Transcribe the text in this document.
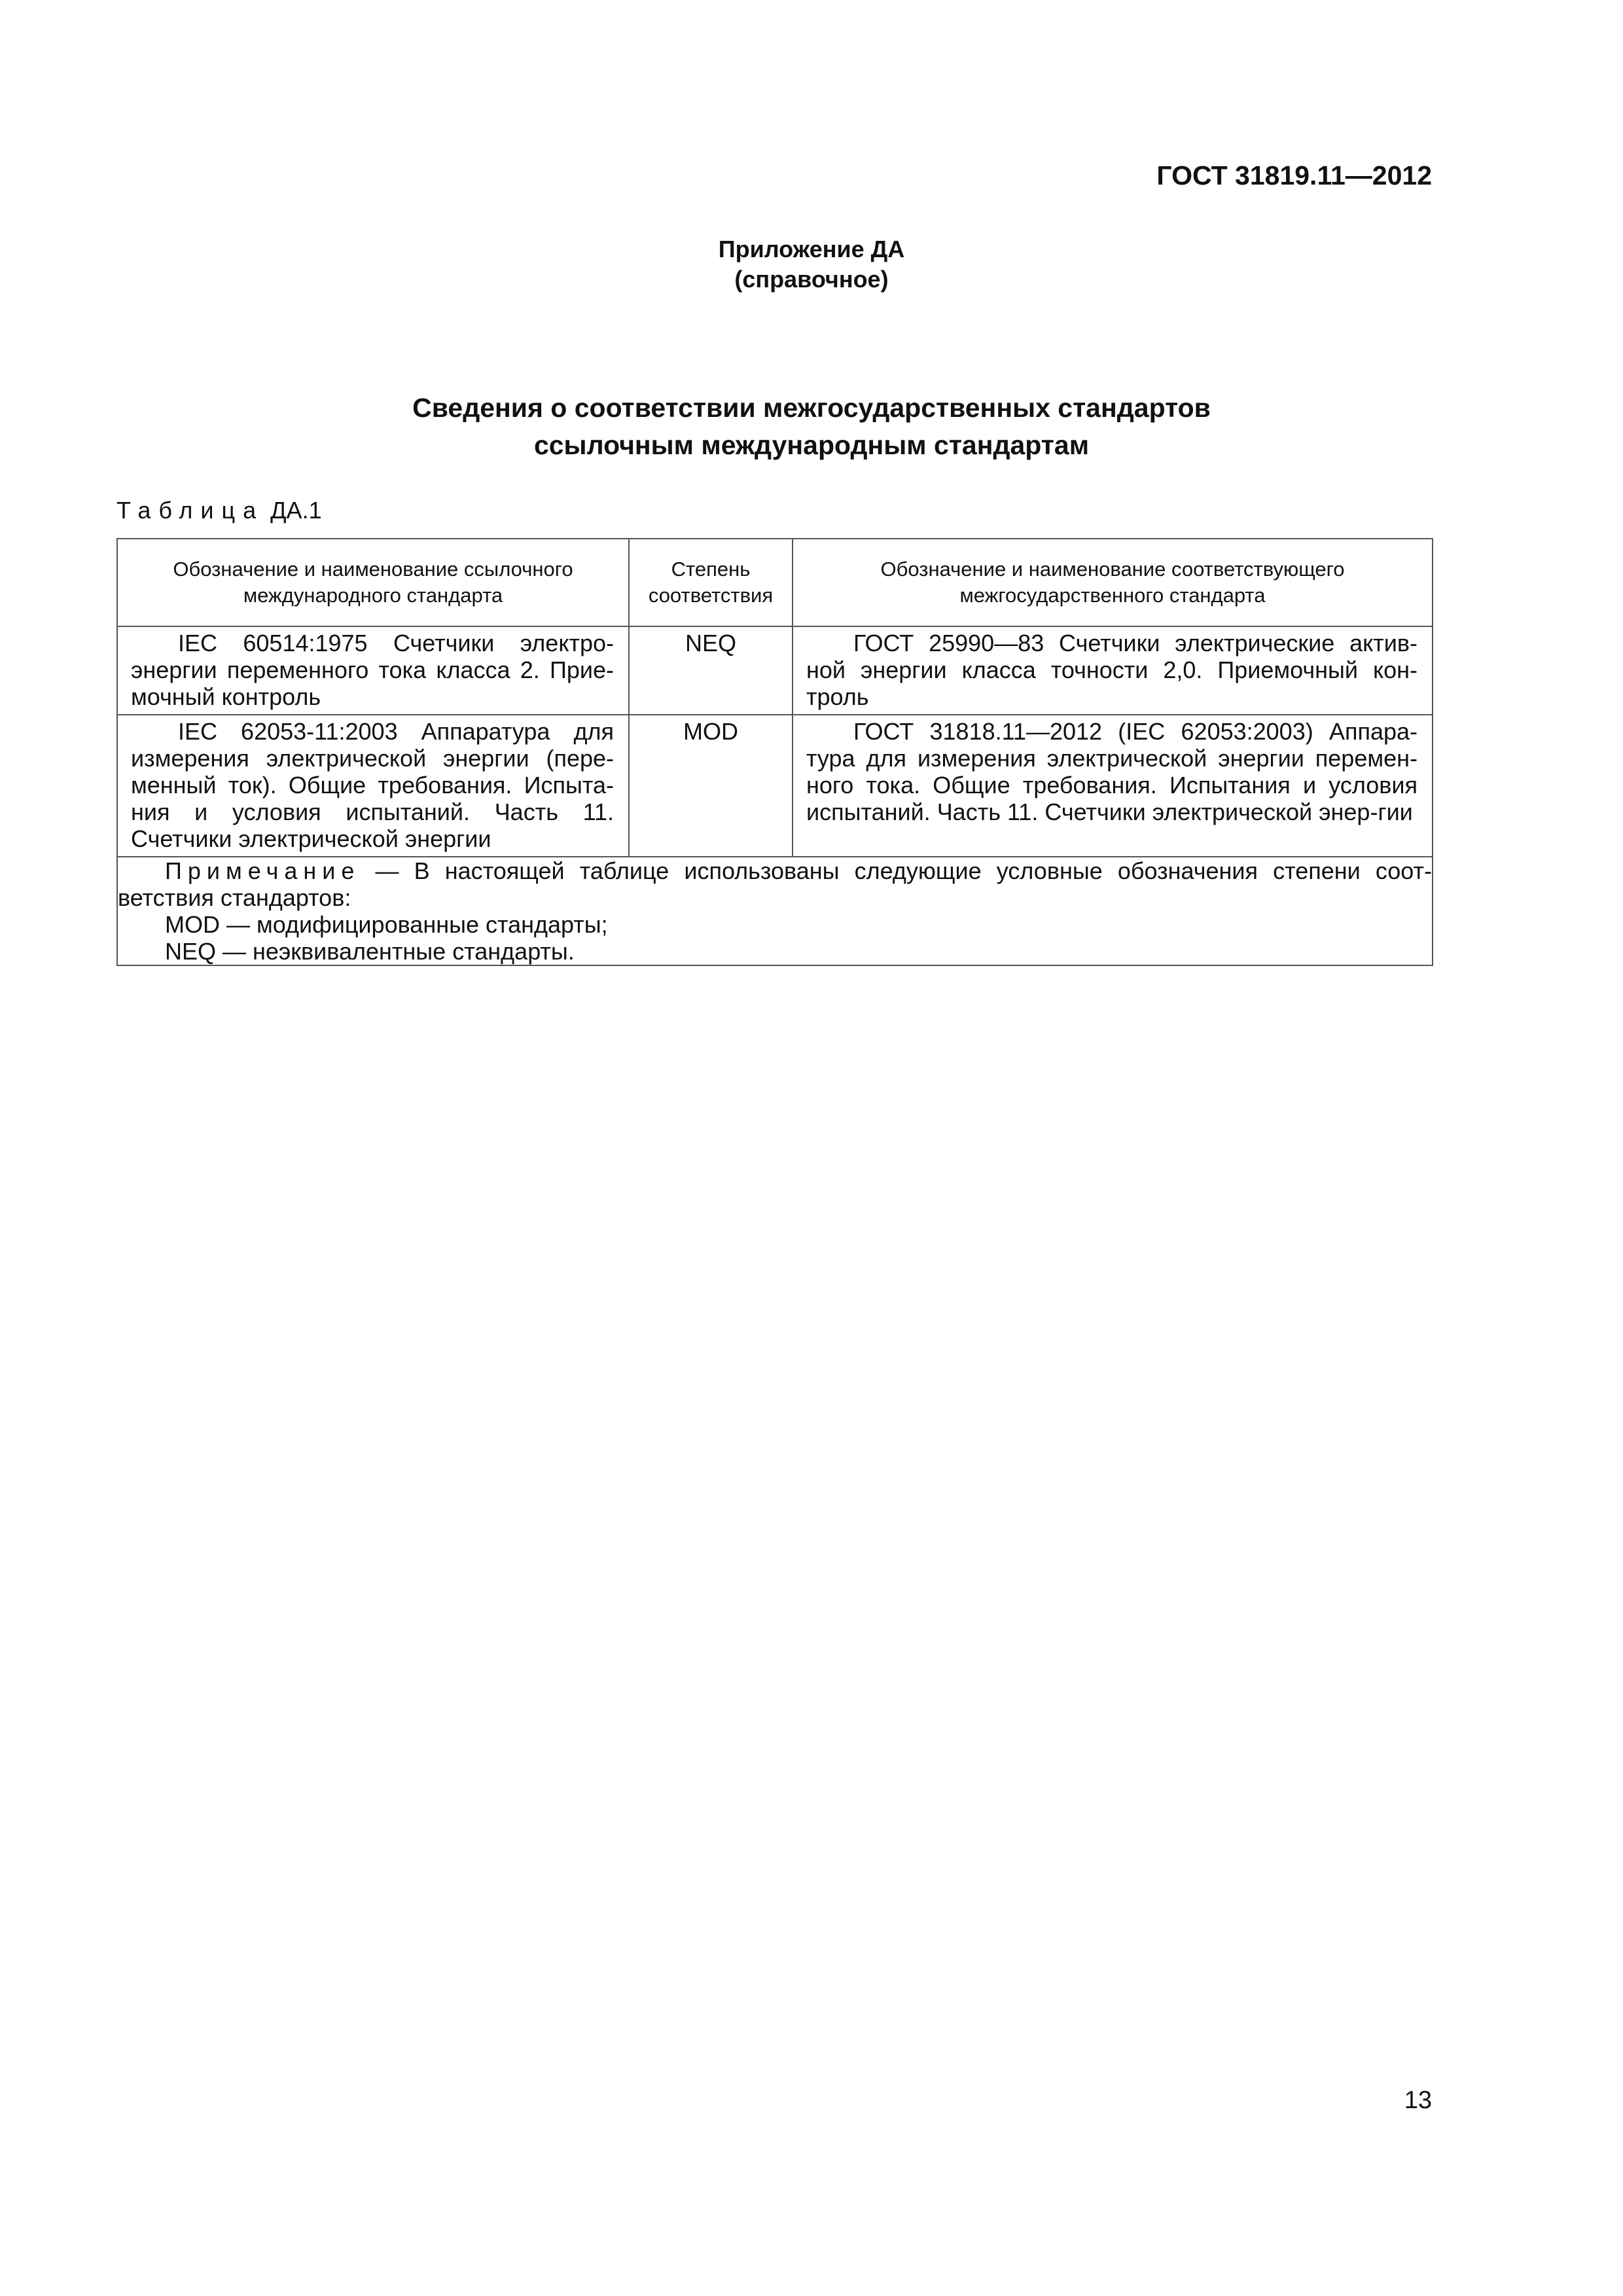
ГОСТ 31819.11—2012
Приложение ДА
(справочное)
Сведения о соответствии межгосударственных стандартов
ссылочным международным стандартам
Таблица ДА.1
Обозначение и наименование ссылочного международного стандарта	Степень соответствия	Обозначение и наименование соответствующего межгосударственного стандарта

IEC 60514:1975 Счетчики электро-энергии переменного тока класса 2. Прие-мочный контроль	NEQ	ГОСТ 25990—83 Счетчики электрические актив-ной энергии класса точности 2,0. Приемочный кон-троль

IEC 62053-11:2003 Аппаратура для измерения электрической энергии (пере-менный ток). Общие требования. Испыта-ния и условия испытаний. Часть 11. Счетчики электрической энергии	MOD	ГОСТ 31818.11—2012 (IEC 62053:2003) Аппара-тура для измерения электрической энергии перемен-ного тока. Общие требования. Испытания и условия испытаний. Часть 11. Счетчики электрической энер-гии

Примечание — В настоящей таблице использованы следующие условные обозначения степени соот-ветствия стандартов:
MOD — модифицированные стандарты;
NEQ — неэквивалентные стандарты.		
13
